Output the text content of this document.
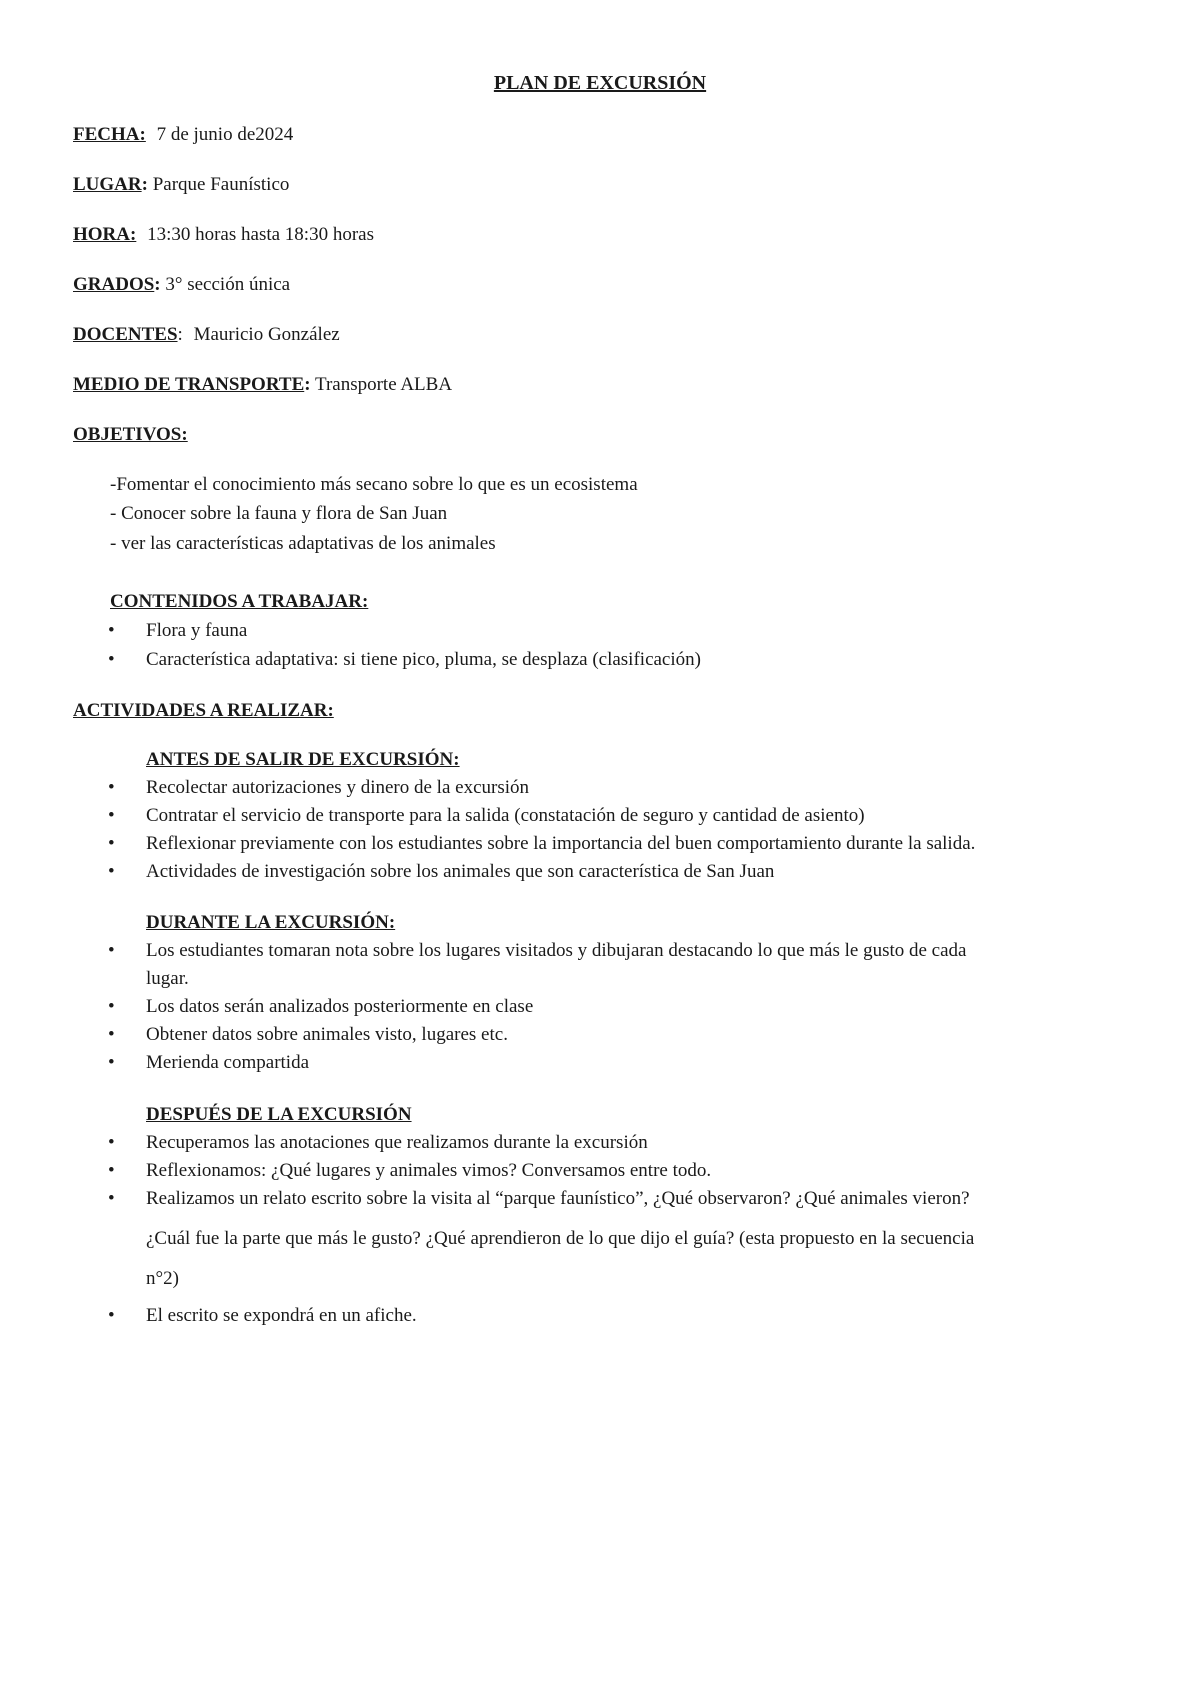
PLAN DE EXCURSIÓN
FECHA: 7 de junio de2024
LUGAR: Parque Faunístico
HORA: 13:30 horas hasta 18:30 horas
GRADOS: 3° sección única
DOCENTES: Mauricio González
MEDIO DE TRANSPORTE: Transporte ALBA
OBJETIVOS:
-Fomentar el conocimiento más secano sobre lo que es un ecosistema
- Conocer sobre la fauna y flora de San Juan
- ver las características adaptativas de los animales
CONTENIDOS A TRABAJAR:
• Flora y fauna
• Característica adaptativa: si tiene pico, pluma, se desplaza (clasificación)
ACTIVIDADES A REALIZAR:
ANTES DE SALIR DE EXCURSIÓN:
• Recolectar autorizaciones y dinero de la excursión
• Contratar el servicio de transporte para la salida (constatación de seguro y cantidad de asiento)
• Reflexionar previamente con los estudiantes sobre la importancia del buen comportamiento durante la salida.
• Actividades de investigación sobre los animales que son característica de San Juan
DURANTE LA EXCURSIÓN:
• Los estudiantes tomaran nota sobre los lugares visitados y dibujaran destacando lo que más le gusto de cada
lugar.
• Los datos serán analizados posteriormente en clase
• Obtener datos sobre animales visto, lugares etc.
• Merienda compartida
DESPUÉS DE LA EXCURSIÓN
• Recuperamos las anotaciones que realizamos durante la excursión
• Reflexionamos: ¿Qué lugares y animales vimos? Conversamos entre todo.
• Realizamos un relato escrito sobre la visita al “parque faunístico”, ¿Qué observaron? ¿Qué animales vieron?
¿Cuál fue la parte que más le gusto? ¿Qué aprendieron de lo que dijo el guía? (esta propuesto en la secuencia
n°2)
• El escrito se expondrá en un afiche.
